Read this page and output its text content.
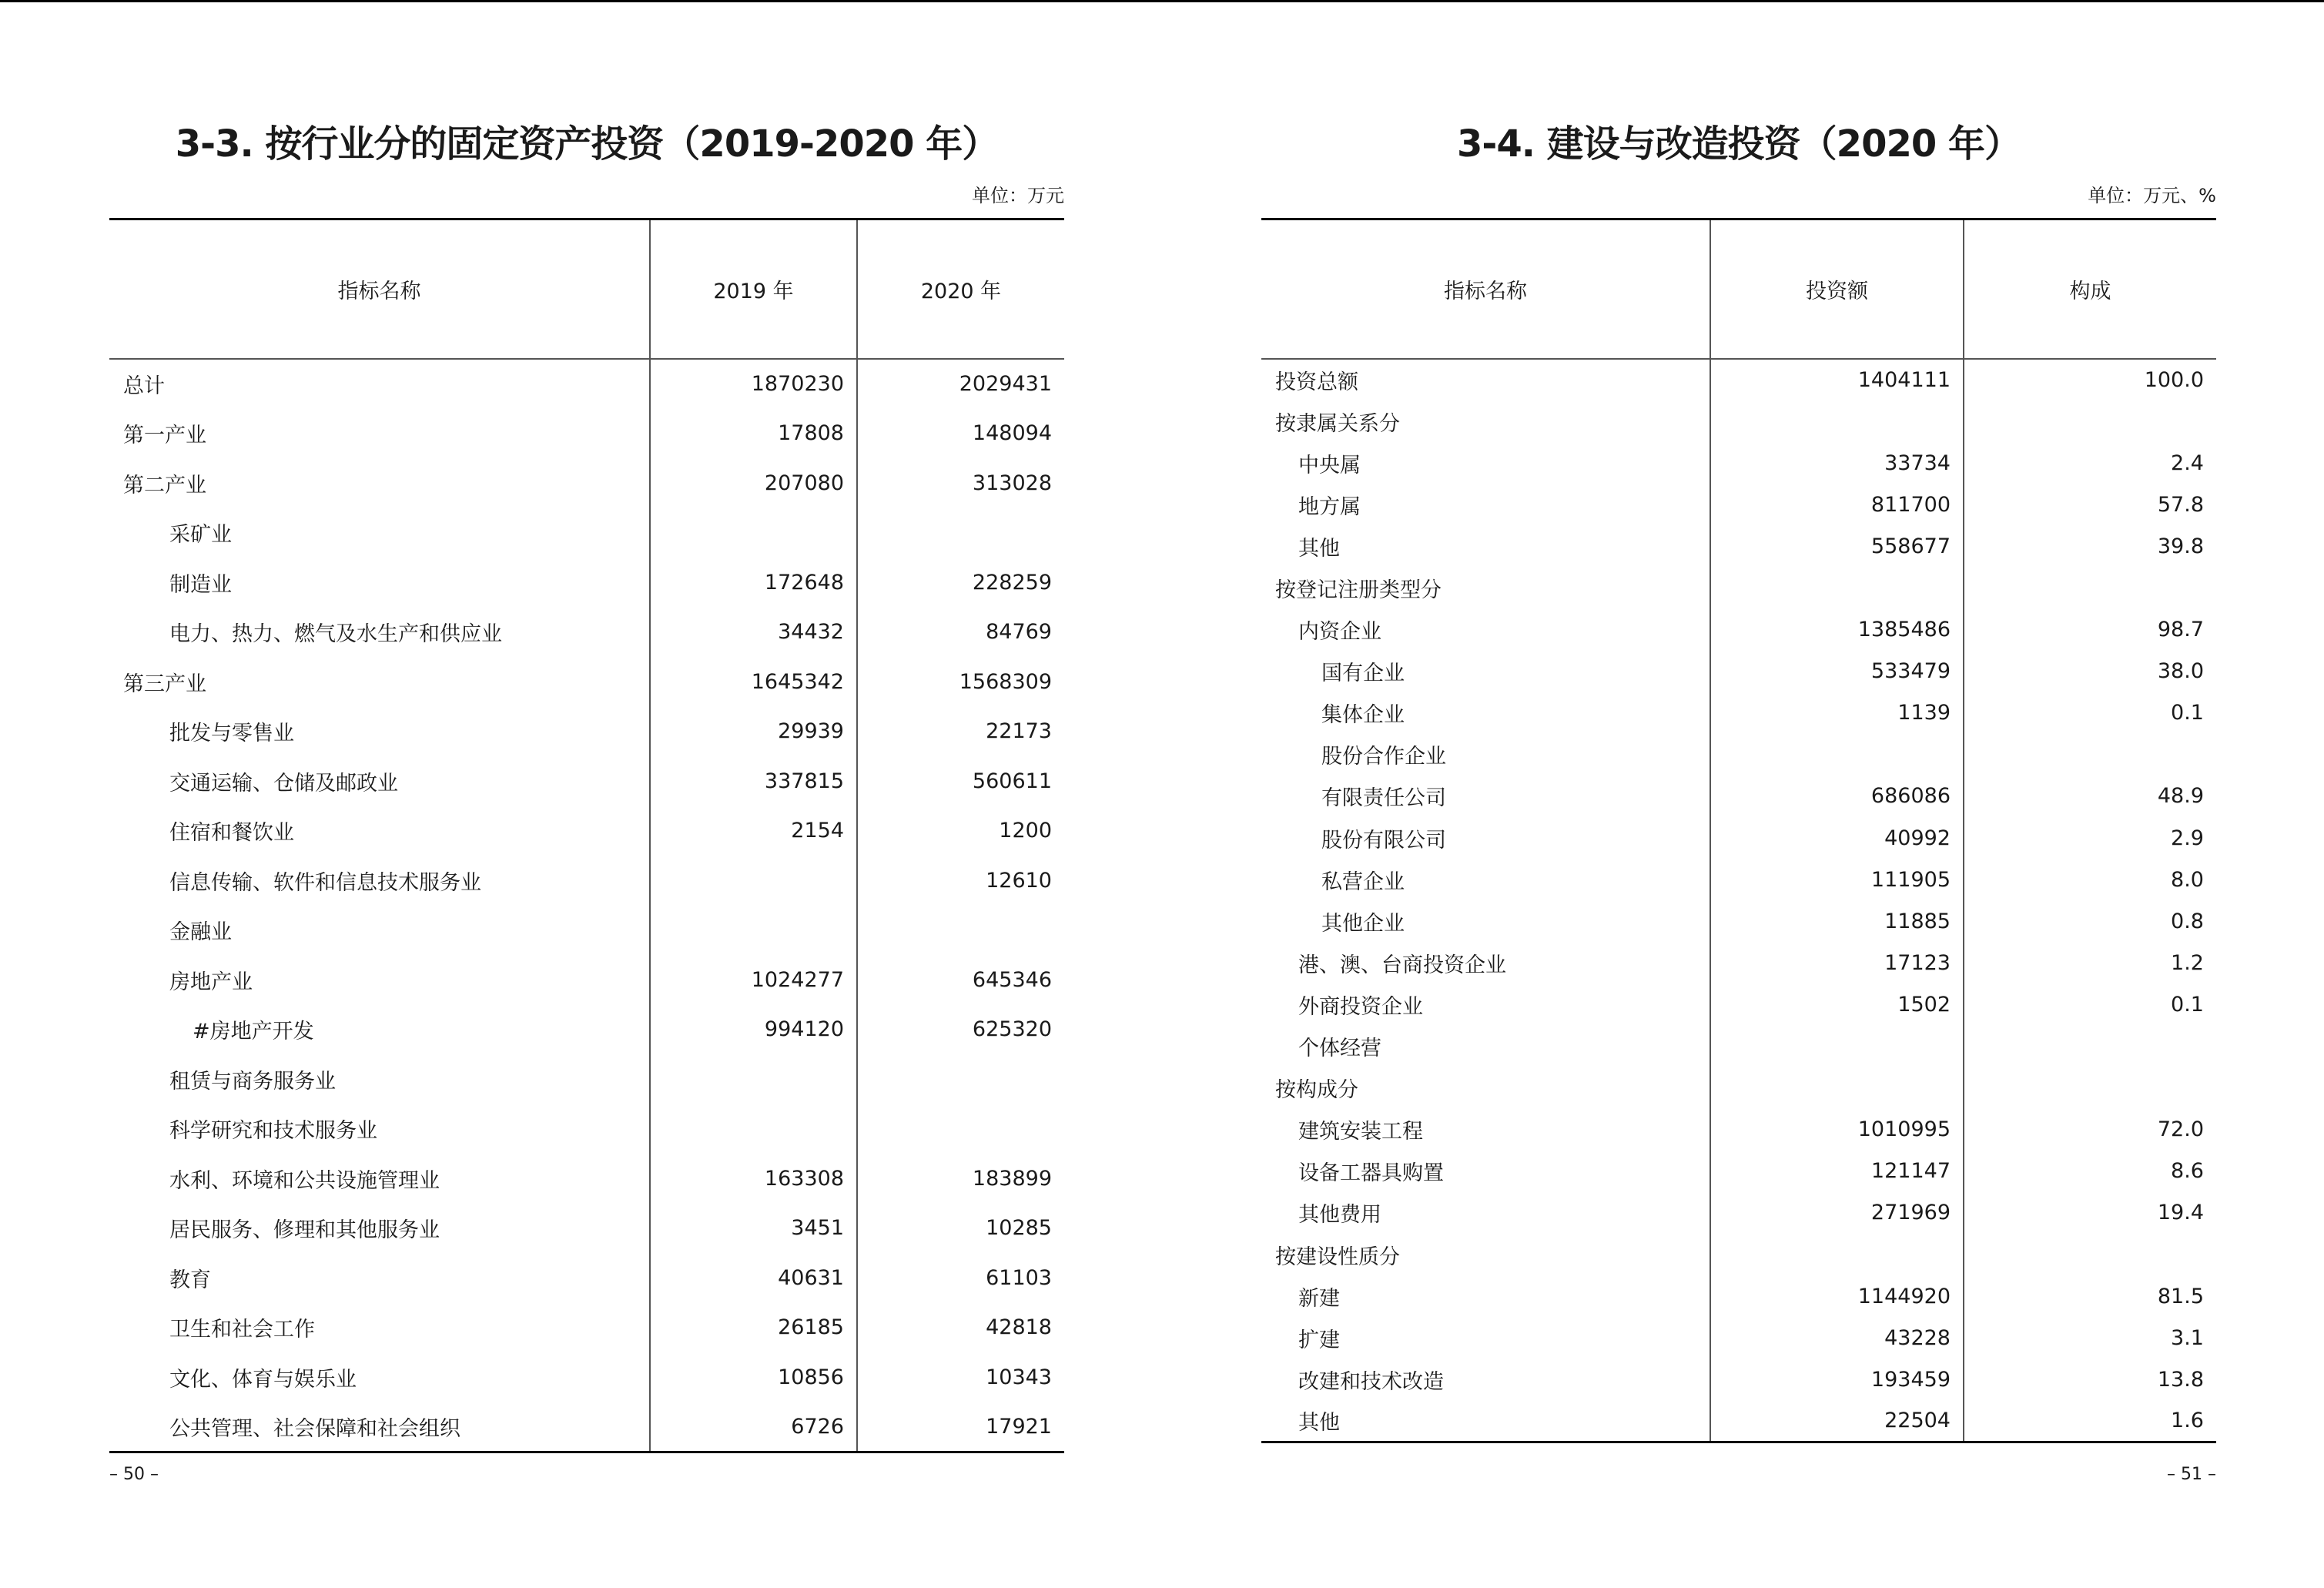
3-3. 按行业分的固定资产投资（2019-2020 年）
单位：万元
指标名称	2019 年	2020 年
总计	1870230	2029431
第一产业	17808	148094
第二产业	207080	313028
采矿业		
制造业	172648	228259
电力、热力、燃气及水生产和供应业	34432	84769
第三产业	1645342	1568309
批发与零售业	29939	22173
交通运输、仓储及邮政业	337815	560611
住宿和餐饮业	2154	1200
信息传输、软件和信息技术服务业		12610
金融业		
房地产业	1024277	645346
#房地产开发	994120	625320
租赁与商务服务业		
科学研究和技术服务业		
水利、环境和公共设施管理业	163308	183899
居民服务、修理和其他服务业	3451	10285
教育	40631	61103
卫生和社会工作	26185	42818
文化、体育与娱乐业	10856	10343
公共管理、社会保障和社会组织	6726	17921
– 50 –
3-4. 建设与改造投资（2020 年）
单位：万元、%
指标名称	投资额	构成
投资总额	1404111	100.0
按隶属关系分		
中央属	33734	2.4
地方属	811700	57.8
其他	558677	39.8
按登记注册类型分		
内资企业	1385486	98.7
国有企业	533479	38.0
集体企业	1139	0.1
股份合作企业		
有限责任公司	686086	48.9
股份有限公司	40992	2.9
私营企业	111905	8.0
其他企业	11885	0.8
港、澳、台商投资企业	17123	1.2
外商投资企业	1502	0.1
个体经营		
按构成分		
建筑安装工程	1010995	72.0
设备工器具购置	121147	8.6
其他费用	271969	19.4
按建设性质分		
新建	1144920	81.5
扩建	43228	3.1
改建和技术改造	193459	13.8
其他	22504	1.6
– 51 –
